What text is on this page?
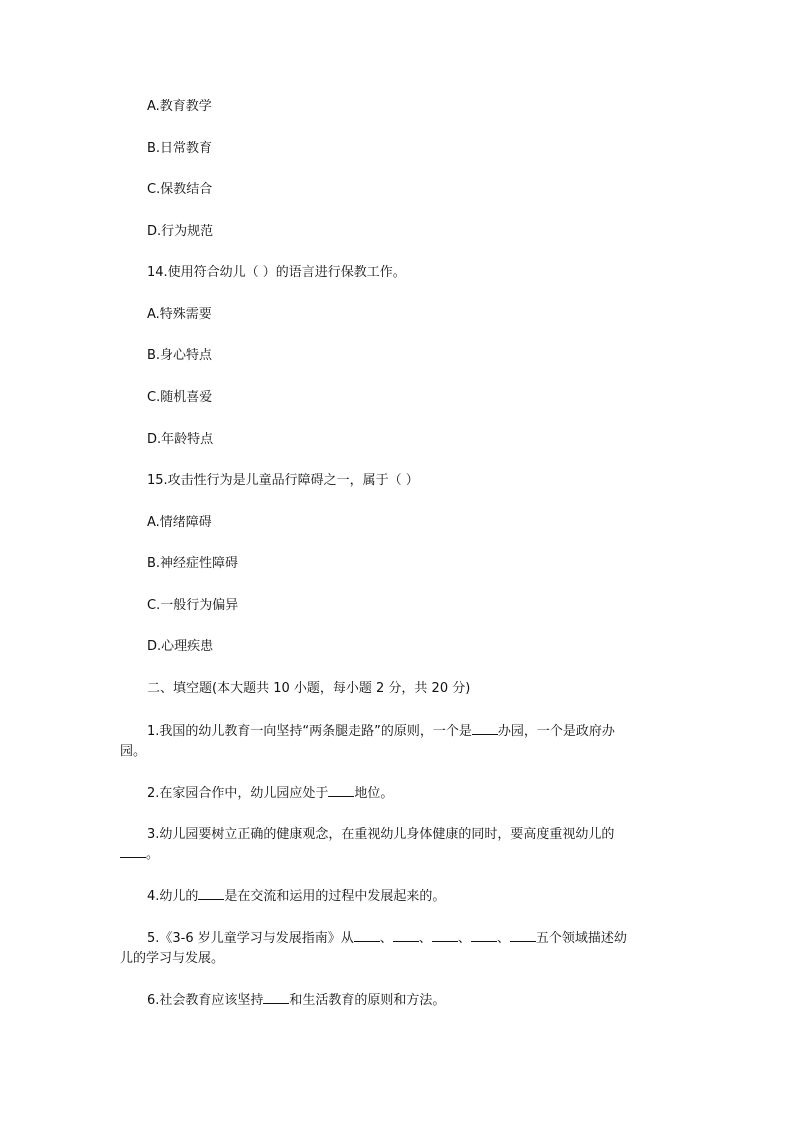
A.教育教学
B.日常教育
C.保教结合
D.行为规范
14.使用符合幼儿（ ）的语言进行保教工作。
A.特殊需要
B.身心特点
C.随机喜爱
D.年龄特点
15.攻击性行为是儿童品行障碍之一，属于（ ）
A.情绪障碍
B.神经症性障碍
C.一般行为偏异
D.心理疾患
二、填空题(本大题共 10 小题，每小题 2 分，共 20 分)
1.我国的幼儿教育一向坚持“两条腿走路”的原则，一个是 办园，一个是政府办
园。
2.在家园合作中，幼儿园应处于 地位。
3.幼儿园要树立正确的健康观念，在重视幼儿身体健康的同时，要高度重视幼儿的
。
4.幼儿的 是在交流和运用的过程中发展起来的。
5.《3-6 岁儿童学习与发展指南》从 、 、 、 、 五个领域描述幼
儿的学习与发展。
6.社会教育应该坚持 和生活教育的原则和方法。
